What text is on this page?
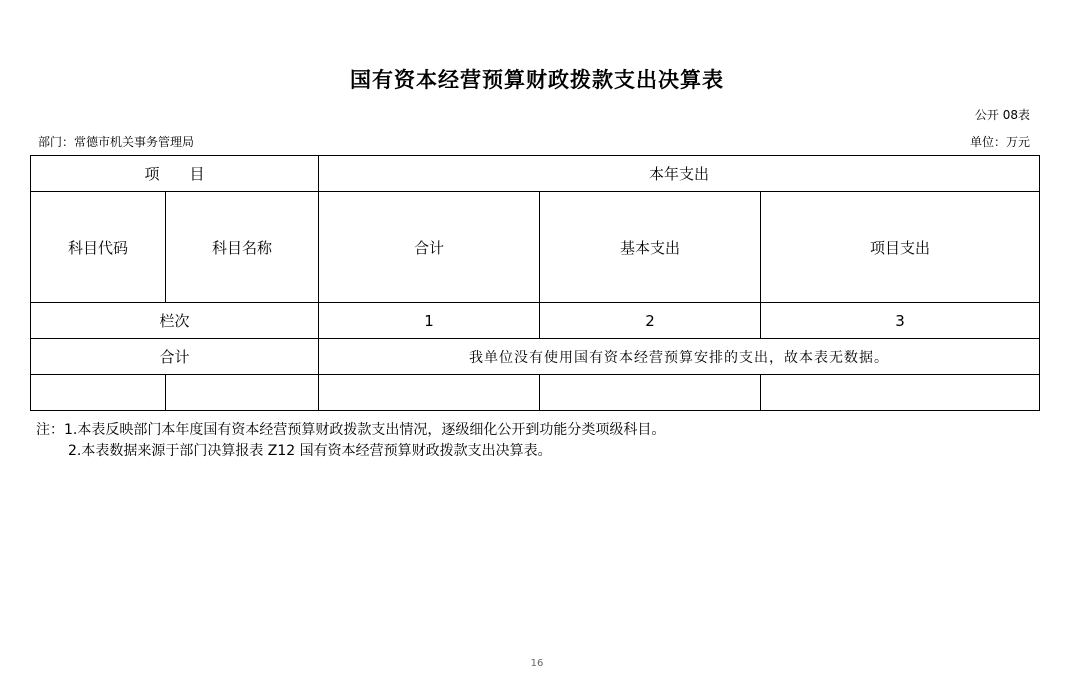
国有资本经营预算财政拨款支出决算表
公开 08表
部门：常德市机关事务管理局	单位：万元
项　　目		本年支出		
科目代码	科目名称	合计	基本支出	项目支出
栏次		1	2	3
合计		我单位没有使用国有资本经营预算安排的支出，故本表无数据。		

注：1.本表反映部门本年度国有资本经营预算财政拨款支出情况，逐级细化公开到功能分类项级科目。
2.本表数据来源于部门决算报表 Z12 国有资本经营预算财政拨款支出决算表。
16
